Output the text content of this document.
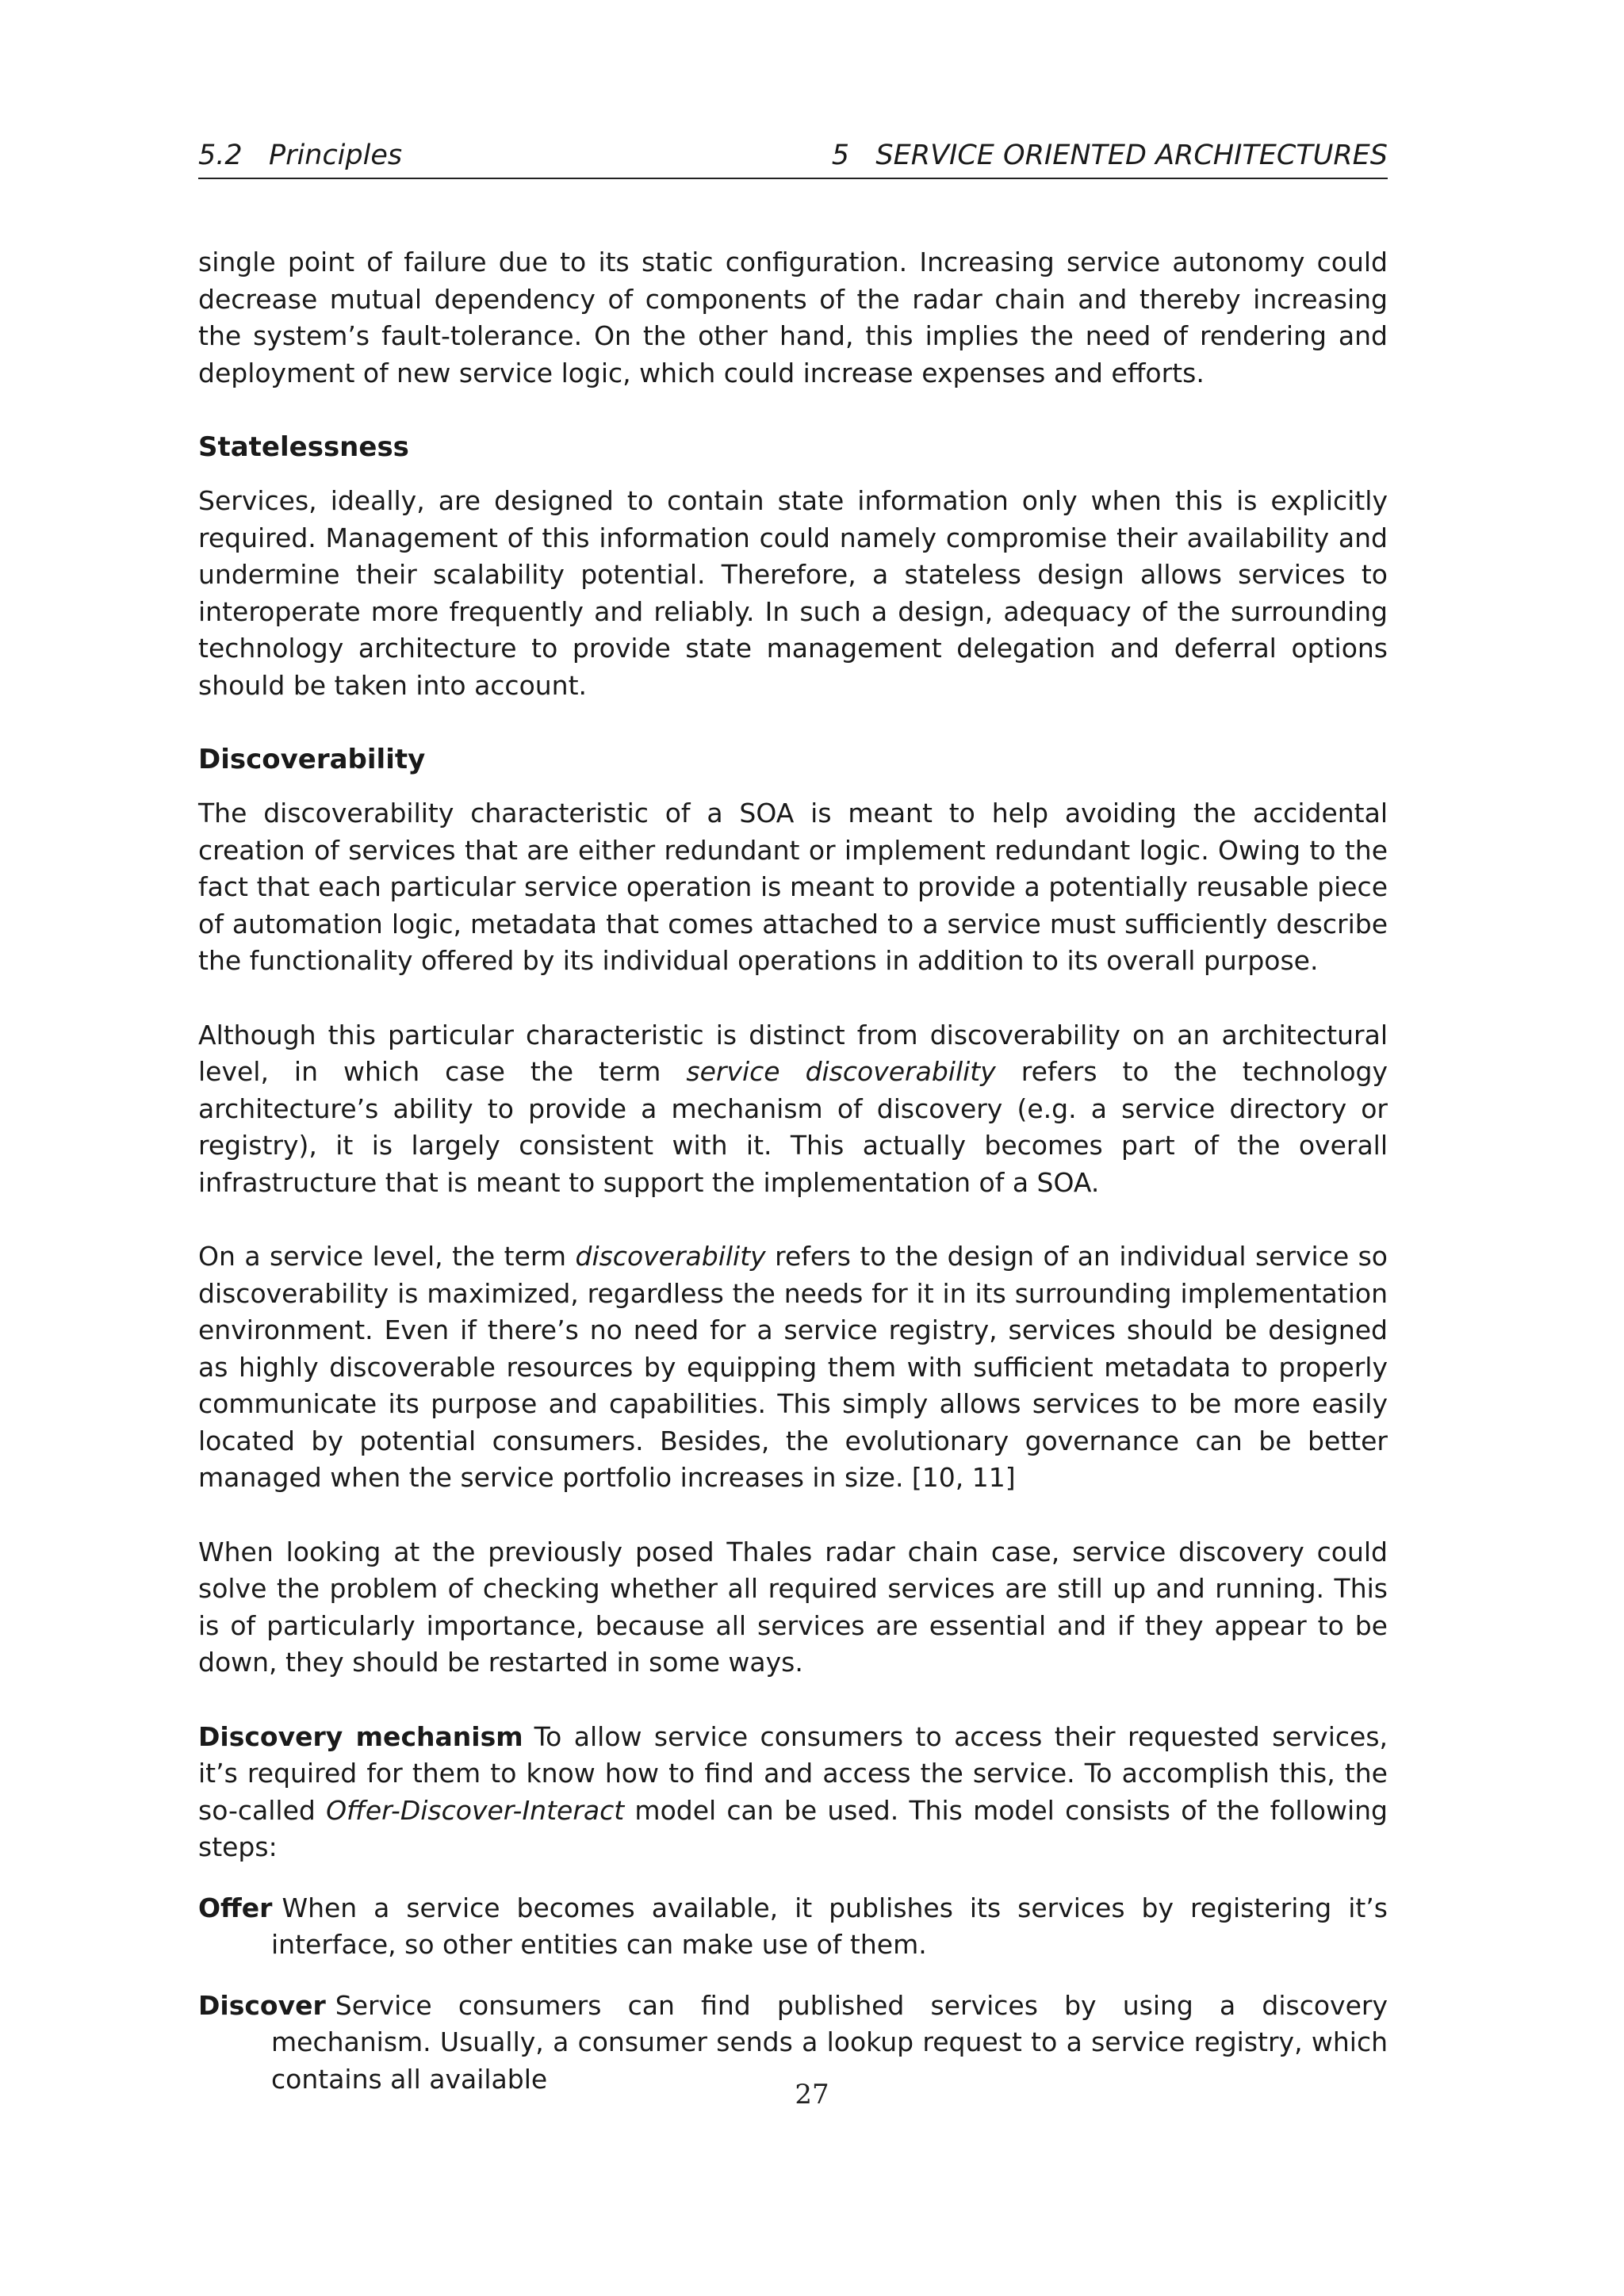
5.2   Principles	5   SERVICE ORIENTED ARCHITECTURES

single point of failure due to its static configuration. Increasing service autonomy could decrease mutual dependency of components of the radar chain and thereby increasing the system’s fault-tolerance. On the other hand, this implies the need of rendering and deployment of new service logic, which could increase expenses and efforts.

Statelessness

Services, ideally, are designed to contain state information only when this is explicitly required. Management of this information could namely compromise their availability and undermine their scalability potential. Therefore, a stateless design allows services to interoperate more frequently and reliably. In such a design, adequacy of the surrounding technology architecture to provide state management delegation and deferral options should be taken into account.

Discoverability

The discoverability characteristic of a SOA is meant to help avoiding the accidental creation of services that are either redundant or implement redundant logic. Owing to the fact that each particular service operation is meant to provide a potentially reusable piece of automation logic, metadata that comes attached to a service must sufficiently describe the functionality offered by its individual operations in addition to its overall purpose.

Although this particular characteristic is distinct from discoverability on an architectural level, in which case the term service discoverability refers to the technology architecture’s ability to provide a mechanism of discovery (e.g. a service directory or registry), it is largely consistent with it. This actually becomes part of the overall infrastructure that is meant to support the implementation of a SOA.

On a service level, the term discoverability refers to the design of an individual service so discoverability is maximized, regardless the needs for it in its surrounding implementation environment. Even if there’s no need for a service registry, services should be designed as highly discoverable resources by equipping them with sufficient metadata to properly communicate its purpose and capabilities. This simply allows services to be more easily located by potential consumers. Besides, the evolutionary governance can be better managed when the service portfolio increases in size. [10, 11]

When looking at the previously posed Thales radar chain case, service discovery could solve the problem of checking whether all required services are still up and running. This is of particularly importance, because all services are essential and if they appear to be down, they should be restarted in some ways.

Discovery mechanism To allow service consumers to access their requested services, it’s required for them to know how to find and access the service. To accomplish this, the so-called Offer-Discover-Interact model can be used. This model consists of the following steps:

Offer When a service becomes available, it publishes its services by registering it’s interface, so other entities can make use of them.
Discover Service consumers can find published services by using a discovery mechanism. Usually, a consumer sends a lookup request to a service registry, which contains all available	27
